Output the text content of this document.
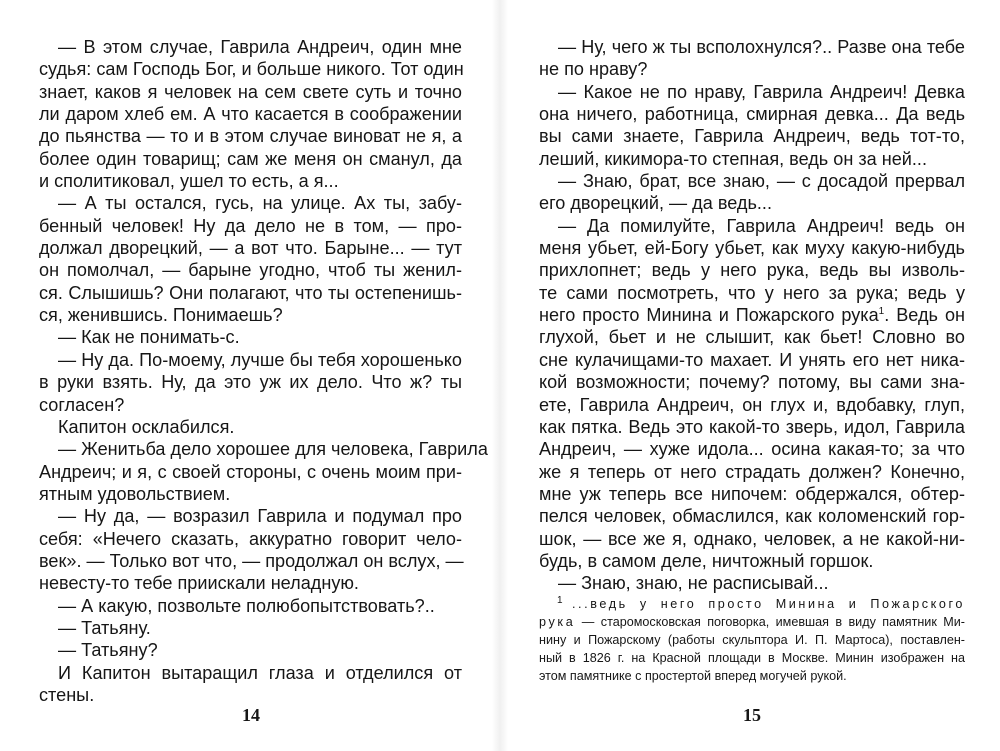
— В этом случае, Гаврила Андреич, один мне
судья: сам Господь Бог, и больше никого. Тот один
знает, каков я человек на сем свете суть и точно
ли даром хлеб ем. А что касается в соображении
до пьянства — то и в этом случае виноват не я, а
более один товарищ; сам же меня он сманул, да
и сполитиковал, ушел то есть, а я...
— А ты остался, гусь, на улице. Ах ты, забу-
бенный человек! Ну да дело не в том, — про-
должал дворецкий, — а вот что. Барыне... — тут
он помолчал, — барыне угодно, чтоб ты женил-
ся. Слышишь? Они полагают, что ты остепенишь-
ся, женившись. Понимаешь?
— Как не понимать-с.
— Ну да. По-моему, лучше бы тебя хорошенько
в руки взять. Ну, да это уж их дело. Что ж? ты
согласен?
Капитон осклабился.
— Женитьба дело хорошее для человека, Гаврила
Андреич; и я, с своей стороны, с очень моим при-
ятным удовольствием.
— Ну да, — возразил Гаврила и подумал про
себя: «Нечего сказать, аккуратно говорит чело-
век». — Только вот что, — продолжал он вслух, —
невесту-то тебе приискали неладную.
— А какую, позвольте полюбопытствовать?..
— Татьяну.
— Татьяну?
И Капитон вытаращил глаза и отделился от
стены.
— Ну, чего ж ты всполохнулся?.. Разве она тебе
не по нраву?
— Какое не по нраву, Гаврила Андреич! Девка
она ничего, работница, смирная девка... Да ведь
вы сами знаете, Гаврила Андреич, ведь тот-то,
леший, кикимора-то степная, ведь он за ней...
— Знаю, брат, все знаю, — с досадой прервал
его дворецкий, — да ведь...
— Да помилуйте, Гаврила Андреич! ведь он
меня убьет, ей-Богу убьет, как муху какую-нибудь
прихлопнет; ведь у него рука, ведь вы изволь-
те сами посмотреть, что у него за рука; ведь у
него просто Минина и Пожарского рука$^1$. Ведь он
глухой, бьет и не слышит, как бьет! Словно во
сне кулачищами-то махает. И унять его нет ника-
кой возможности; почему? потому, вы сами зна-
ете, Гаврила Андреич, он глух и, вдобавку, глуп,
как пятка. Ведь это какой-то зверь, идол, Гаврила
Андреич, — хуже идола... осина какая-то; за что
же я теперь от него страдать должен? Конечно,
мне уж теперь все нипочем: обдержался, обтер-
пелся человек, обмаслился, как коломенский гор-
шок, — все же я, однако, человек, а не какой-ни-
будь, в самом деле, ничтожный горшок.
— Знаю, знаю, не расписывай...
$^1$ ...ведь у него просто Минина и Пожарского
рука — старомосковская поговорка, имевшая в виду памятник Ми-
нину и Пожарскому (работы скульптора И. П. Мартоса), поставлен-
ный в 1826 г. на Красной площади в Москве. Минин изображен на
этом памятнике с простертой вперед могучей рукой.
14	15
